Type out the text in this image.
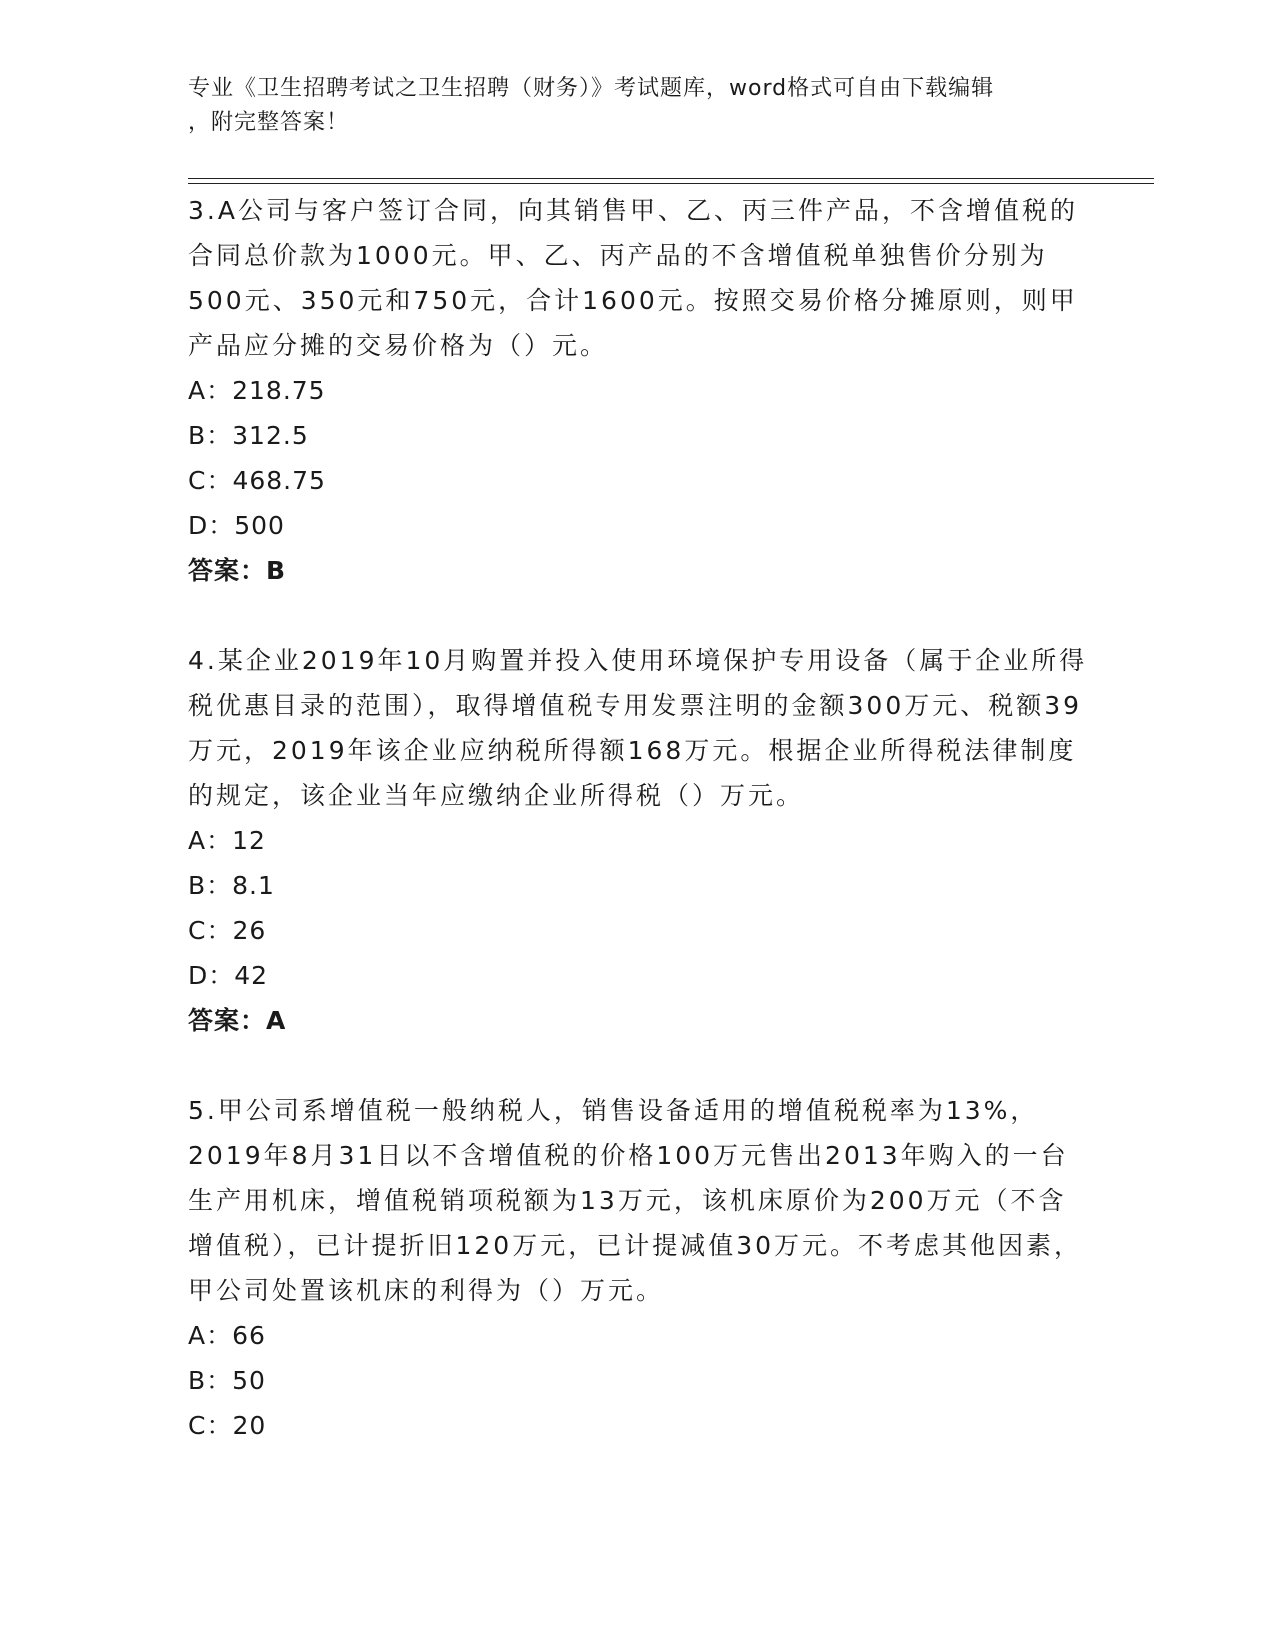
专业《卫生招聘考试之卫生招聘（财务）》考试题库，word格式可自由下载编辑
，附完整答案！

3.A公司与客户签订合同，向其销售甲、乙、丙三件产品，不含增值税的合同总价款为1000元。甲、乙、丙产品的不含增值税单独售价分别为500元、350元和750元，合计1600元。按照交易价格分摊原则，则甲产品应分摊的交易价格为（）元。

A：218.75

B：312.5

C：468.75

D：500

答案：B

4.某企业2019年10月购置并投入使用环境保护专用设备（属于企业所得税优惠目录的范围），取得增值税专用发票注明的金额300万元、税额39万元，2019年该企业应纳税所得额168万元。根据企业所得税法律制度的规定，该企业当年应缴纳企业所得税（）万元。

A：12

B：8.1

C：26

D：42

答案：A

5.甲公司系增值税一般纳税人，销售设备适用的增值税税率为13%，2019年8月31日以不含增值税的价格100万元售出2013年购入的一台生产用机床，增值税销项税额为13万元，该机床原价为200万元（不含增值税），已计提折旧120万元，已计提减值30万元。不考虑其他因素，甲公司处置该机床的利得为（）万元。

A：66

B：50

C：20
